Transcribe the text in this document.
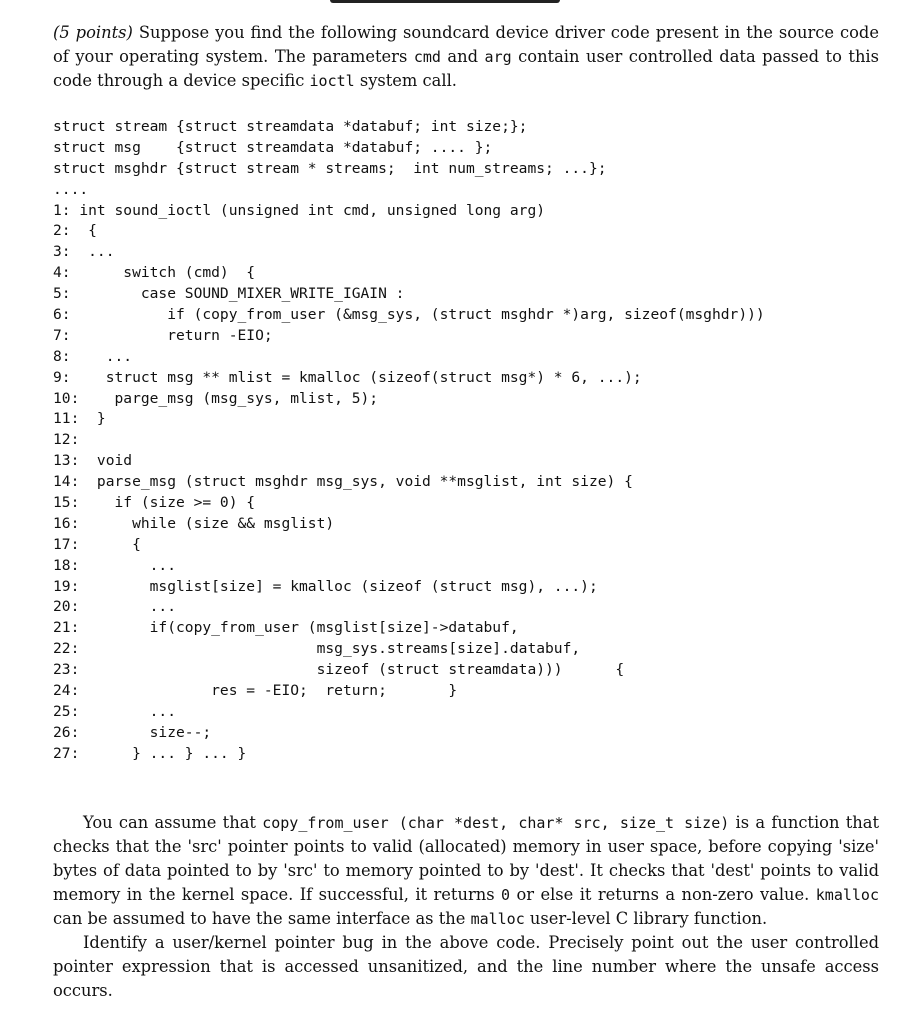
(5 points) Suppose you find the following soundcard device driver code present in the source code of your operating system. The parameters cmd and arg contain user controlled data passed to this code through a device specific ioctl system call.

struct stream {struct streamdata *databuf; int size;};
struct msg    {struct streamdata *databuf; .... };
struct msghdr {struct stream * streams;  int num_streams; ...};
....
1: int sound_ioctl (unsigned int cmd, unsigned long arg)
2:  {
3:  ...
4:      switch (cmd)  {
5:        case SOUND_MIXER_WRITE_IGAIN :
6:           if (copy_from_user (&msg_sys, (struct msghdr *)arg, sizeof(msghdr)))
7:           return -EIO;
8:    ...
9:    struct msg ** mlist = kmalloc (sizeof(struct msg*) * 6, ...);
10:    parge_msg (msg_sys, mlist, 5);
11:  }
12:
13:  void
14:  parse_msg (struct msghdr msg_sys, void **msglist, int size) {
15:    if (size >= 0) {
16:      while (size && msglist)
17:      {
18:        ...
19:        msglist[size] = kmalloc (sizeof (struct msg), ...);
20:        ...
21:        if(copy_from_user (msglist[size]->databuf,
22:                           msg_sys.streams[size].databuf,
23:                           sizeof (struct streamdata)))      {
24:               res = -EIO;  return;       }
25:        ...
26:        size--;
27:      } ... } ... }

You can assume that copy_from_user (char *dest, char* src, size_t size) is a function that checks that the 'src' pointer points to valid (allocated) memory in user space, before copying 'size' bytes of data pointed to by 'src' to memory pointed to by 'dest'. It checks that 'dest' points to valid memory in the kernel space. If successful, it returns 0 or else it returns a non-zero value. kmalloc can be assumed to have the same interface as the malloc user-level C library function.

Identify a user/kernel pointer bug in the above code. Precisely point out the user controlled pointer expression that is accessed unsanitized, and the line number where the unsafe access occurs.
